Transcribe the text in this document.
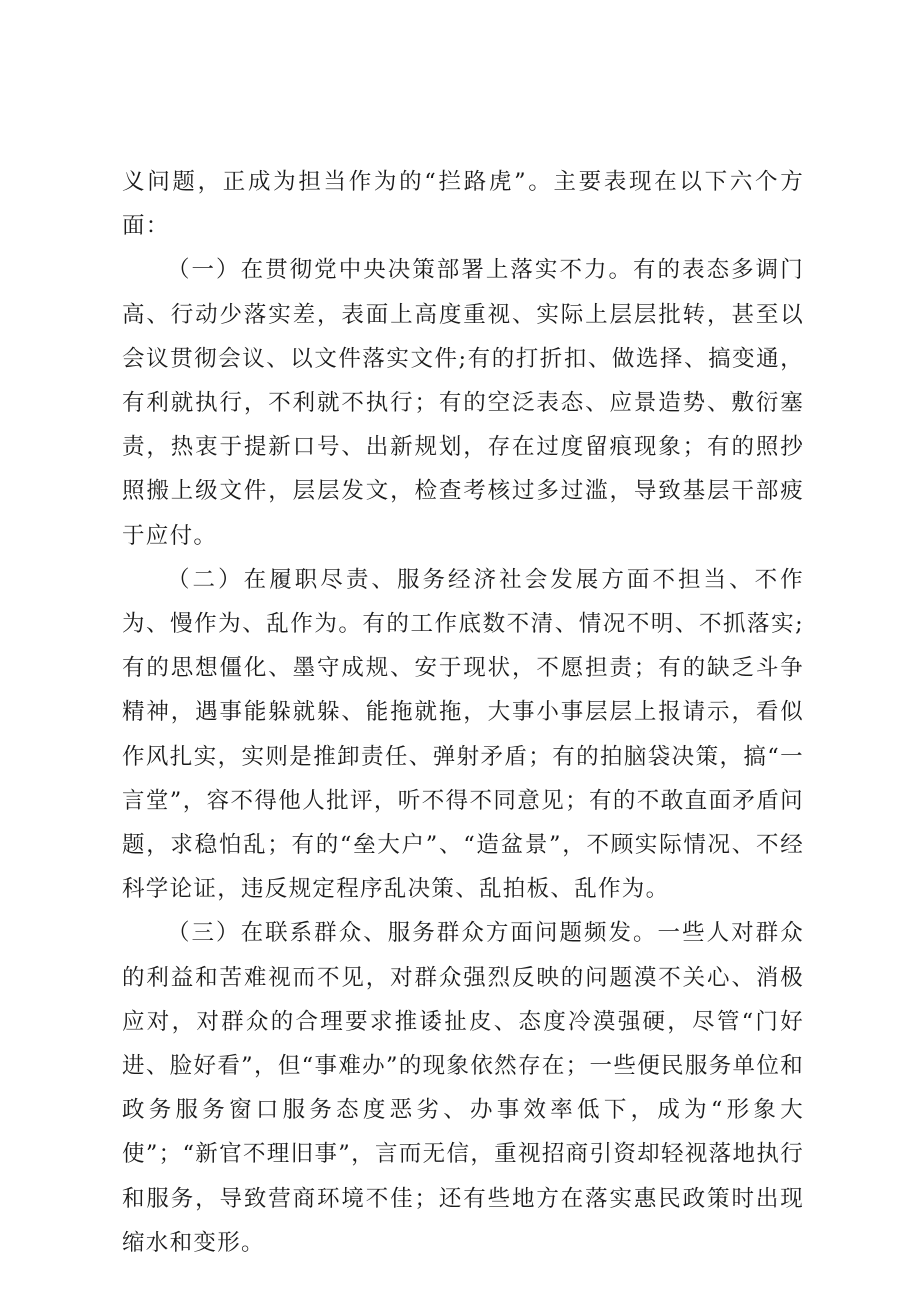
义问题，正成为担当作为的“拦路虎”。主要表现在以下六个方面：

（一）在贯彻党中央决策部署上落实不力。有的表态多调门高、行动少落实差，表面上高度重视、实际上层层批转，甚至以会议贯彻会议、以文件落实文件;有的打折扣、做选择、搞变通，有利就执行，不利就不执行；有的空泛表态、应景造势、敷衍塞责，热衷于提新口号、出新规划，存在过度留痕现象；有的照抄照搬上级文件，层层发文，检查考核过多过滥，导致基层干部疲于应付。

（二）在履职尽责、服务经济社会发展方面不担当、不作为、慢作为、乱作为。有的工作底数不清、情况不明、不抓落实;有的思想僵化、墨守成规、安于现状，不愿担责；有的缺乏斗争精神，遇事能躲就躲、能拖就拖，大事小事层层上报请示，看似作风扎实，实则是推卸责任、弹射矛盾；有的拍脑袋决策，搞“一言堂”，容不得他人批评，听不得不同意见；有的不敢直面矛盾问题，求稳怕乱；有的“垒大户”、“造盆景”，不顾实际情况、不经科学论证，违反规定程序乱决策、乱拍板、乱作为。

（三）在联系群众、服务群众方面问题频发。一些人对群众的利益和苦难视而不见，对群众强烈反映的问题漠不关心、消极应对，对群众的合理要求推诿扯皮、态度冷漠强硬，尽管“门好进、脸好看”，但“事难办”的现象依然存在；一些便民服务单位和政务服务窗口服务态度恶劣、办事效率低下，成为“形象大使”；“新官不理旧事”，言而无信，重视招商引资却轻视落地执行和服务，导致营商环境不佳；还有些地方在落实惠民政策时出现缩水和变形。
